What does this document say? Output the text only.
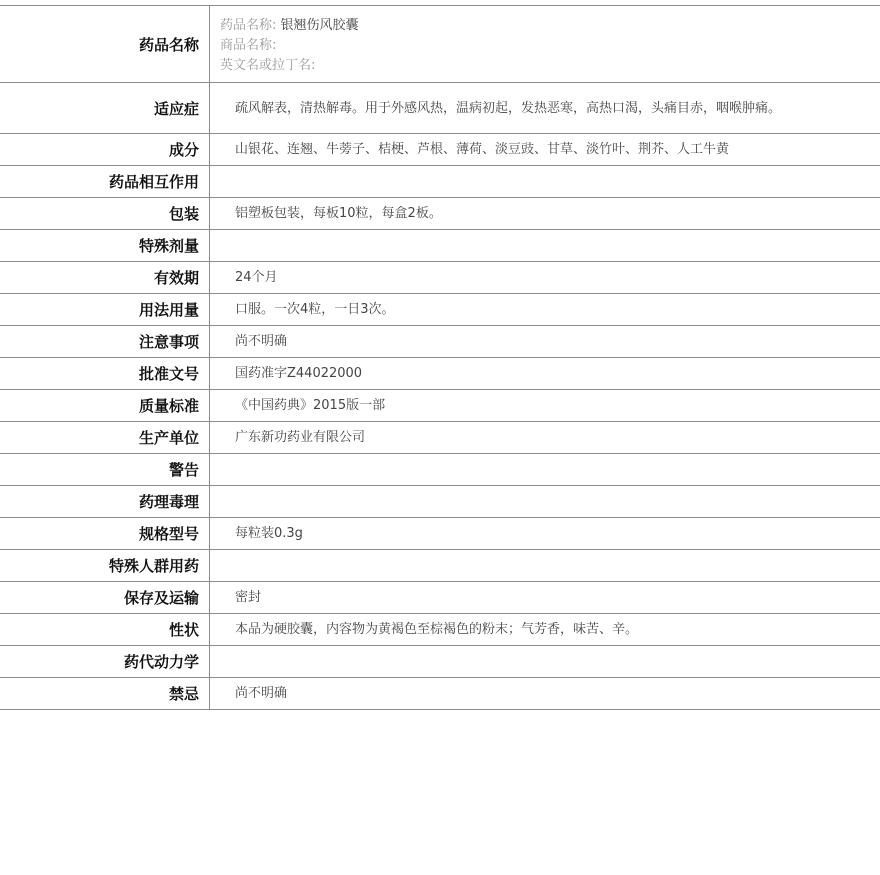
药品名称	药品名称: 银翘伤风胶囊
商品名称:
英文名或拉丁名:

适应症	疏风解表，清热解毒。用于外感风热，温病初起，发热恶寒，高热口渴，头痛目赤，咽喉肿痛。
成分	山银花、连翘、牛蒡子、桔梗、芦根、薄荷、淡豆豉、甘草、淡竹叶、荆芥、人工牛黄
药品相互作用	
包装	铝塑板包装，每板10粒，每盒2板。
特殊剂量	
有效期	24个月
用法用量	口服。一次4粒，一日3次。
注意事项	尚不明确
批准文号	国药准字Z44022000
质量标准	《中国药典》2015版一部
生产单位	广东新功药业有限公司
警告	
药理毒理	
规格型号	每粒装0.3g
特殊人群用药	
保存及运输	密封
性状	本品为硬胶囊，内容物为黄褐色至棕褐色的粉末；气芳香，味苦、辛。
药代动力学	
禁忌	尚不明确
